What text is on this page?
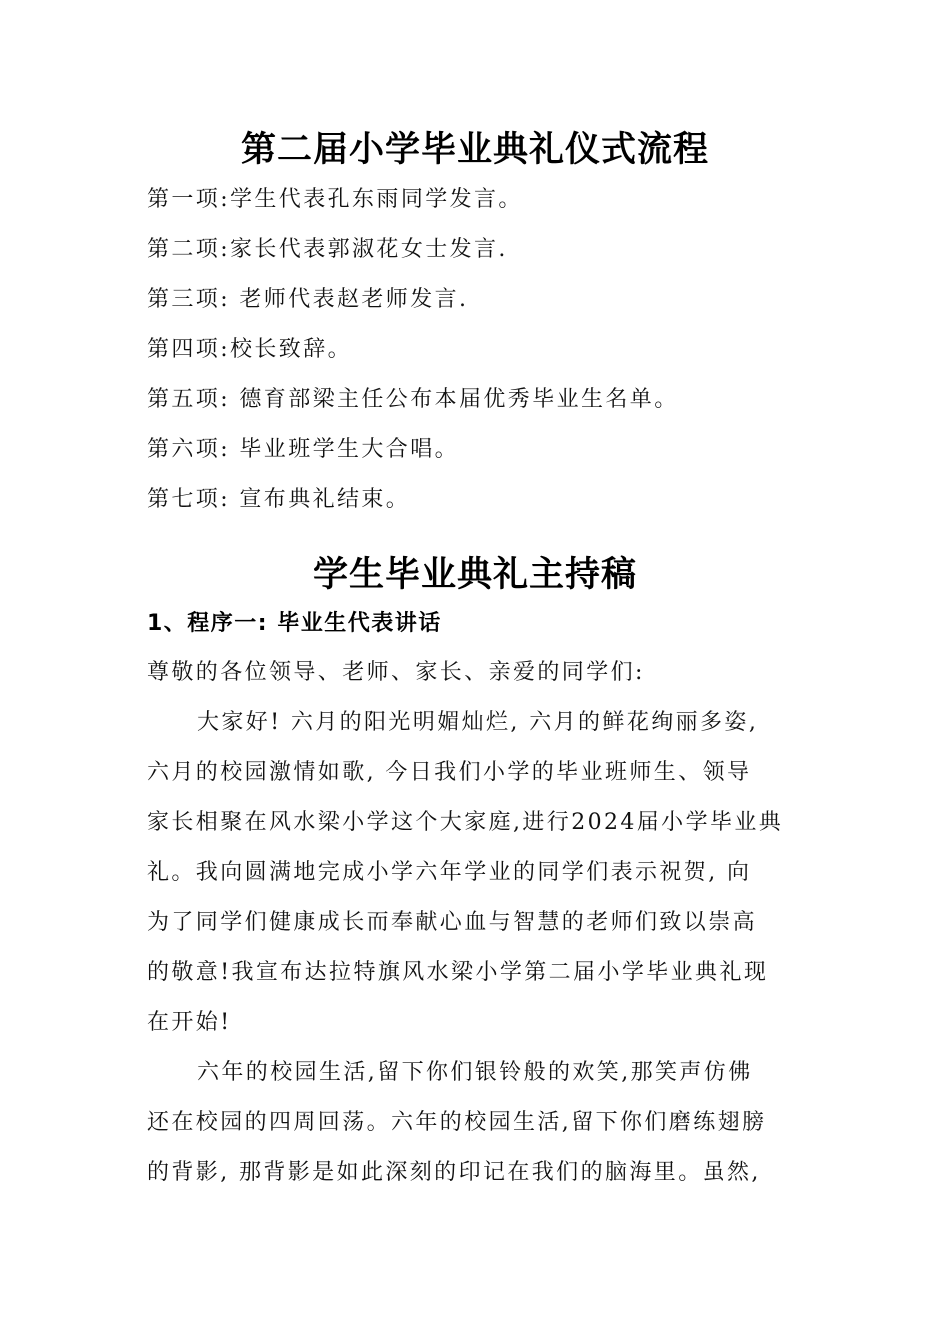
第二届小学毕业典礼仪式流程
第一项:学生代表孔东雨同学发言。
第二项:家长代表郭淑花女士发言.
第三项: 老师代表赵老师发言.
第四项:校长致辞。
第五项: 德育部梁主任公布本届优秀毕业生名单。
第六项: 毕业班学生大合唱。
第七项: 宣布典礼结束。
学生毕业典礼主持稿
1、程序一: 毕业生代表讲话
尊敬的各位领导、老师、家长、亲爱的同学们:
大家好! 六月的阳光明媚灿烂, 六月的鲜花绚丽多姿,
六月的校园激情如歌, 今日我们小学的毕业班师生、领导
家长相聚在风水梁小学这个大家庭,进行2024届小学毕业典
礼。我向圆满地完成小学六年学业的同学们表示祝贺, 向
为了同学们健康成长而奉献心血与智慧的老师们致以崇高
的敬意!我宣布达拉特旗风水梁小学第二届小学毕业典礼现
在开始!
六年的校园生活,留下你们银铃般的欢笑,那笑声仿佛
还在校园的四周回荡。六年的校园生活,留下你们磨练翅膀
的背影, 那背影是如此深刻的印记在我们的脑海里。虽然,
